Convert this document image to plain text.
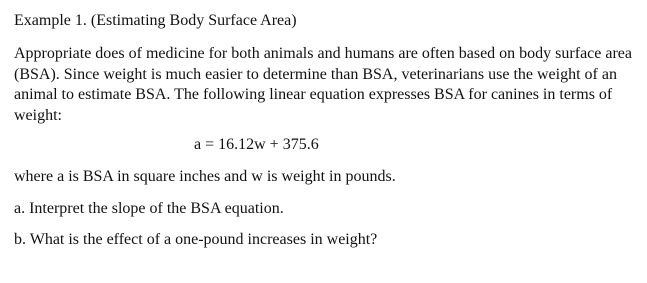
Example 1. (Estimating Body Surface Area)
Appropriate does of medicine for both animals and humans are often based on body surface area
(BSA). Since weight is much easier to determine than BSA, veterinarians use the weight of an
animal to estimate BSA. The following linear equation expresses BSA for canines in terms of
weight:
a = 16.12w + 375.6
where a is BSA in square inches and w is weight in pounds.
a. Interpret the slope of the BSA equation.
b. What is the effect of a one-pound increases in weight?
